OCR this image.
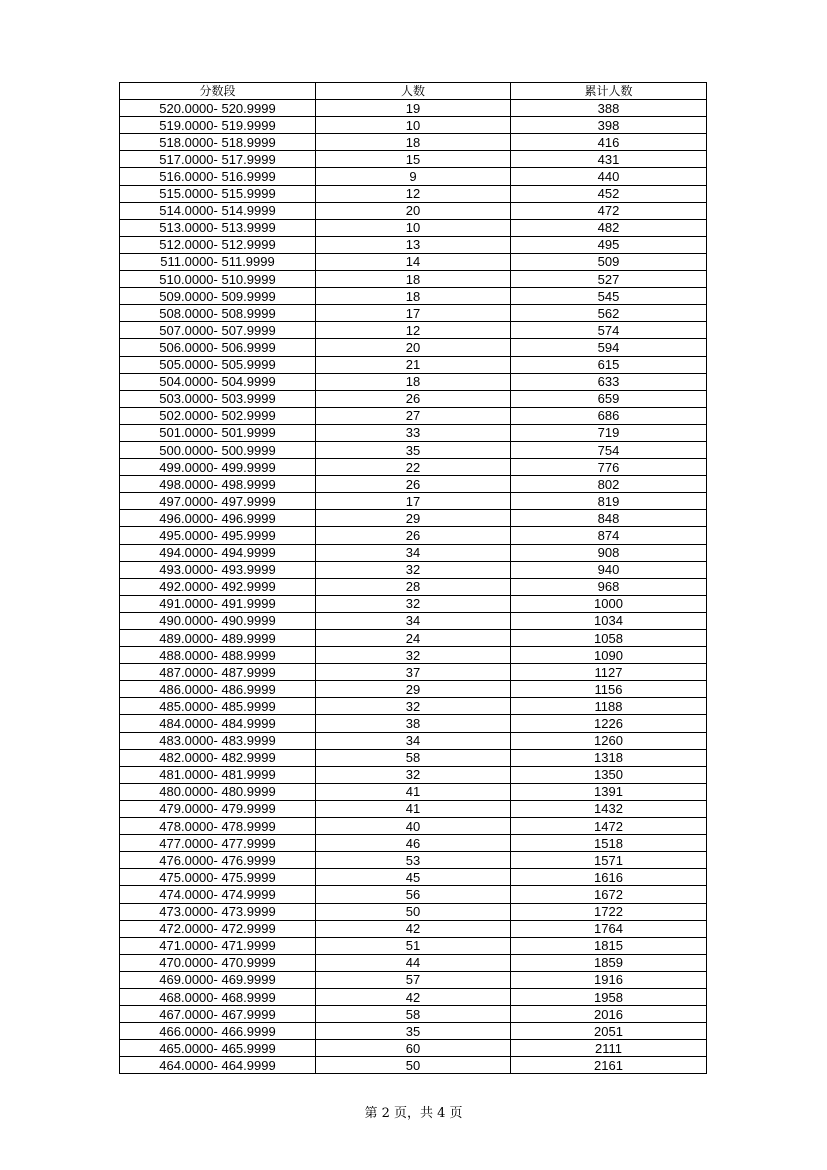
分数段	人数	累计人数
520.0000- 520.9999	19	388
519.0000- 519.9999	10	398
518.0000- 518.9999	18	416
517.0000- 517.9999	15	431
516.0000- 516.9999	9	440
515.0000- 515.9999	12	452
514.0000- 514.9999	20	472
513.0000- 513.9999	10	482
512.0000- 512.9999	13	495
511.0000- 511.9999	14	509
510.0000- 510.9999	18	527
509.0000- 509.9999	18	545
508.0000- 508.9999	17	562
507.0000- 507.9999	12	574
506.0000- 506.9999	20	594
505.0000- 505.9999	21	615
504.0000- 504.9999	18	633
503.0000- 503.9999	26	659
502.0000- 502.9999	27	686
501.0000- 501.9999	33	719
500.0000- 500.9999	35	754
499.0000- 499.9999	22	776
498.0000- 498.9999	26	802
497.0000- 497.9999	17	819
496.0000- 496.9999	29	848
495.0000- 495.9999	26	874
494.0000- 494.9999	34	908
493.0000- 493.9999	32	940
492.0000- 492.9999	28	968
491.0000- 491.9999	32	1000
490.0000- 490.9999	34	1034
489.0000- 489.9999	24	1058
488.0000- 488.9999	32	1090
487.0000- 487.9999	37	1127
486.0000- 486.9999	29	1156
485.0000- 485.9999	32	1188
484.0000- 484.9999	38	1226
483.0000- 483.9999	34	1260
482.0000- 482.9999	58	1318
481.0000- 481.9999	32	1350
480.0000- 480.9999	41	1391
479.0000- 479.9999	41	1432
478.0000- 478.9999	40	1472
477.0000- 477.9999	46	1518
476.0000- 476.9999	53	1571
475.0000- 475.9999	45	1616
474.0000- 474.9999	56	1672
473.0000- 473.9999	50	1722
472.0000- 472.9999	42	1764
471.0000- 471.9999	51	1815
470.0000- 470.9999	44	1859
469.0000- 469.9999	57	1916
468.0000- 468.9999	42	1958
467.0000- 467.9999	58	2016
466.0000- 466.9999	35	2051
465.0000- 465.9999	60	2111
464.0000- 464.9999	50	2161
第 2 页，共 4 页
